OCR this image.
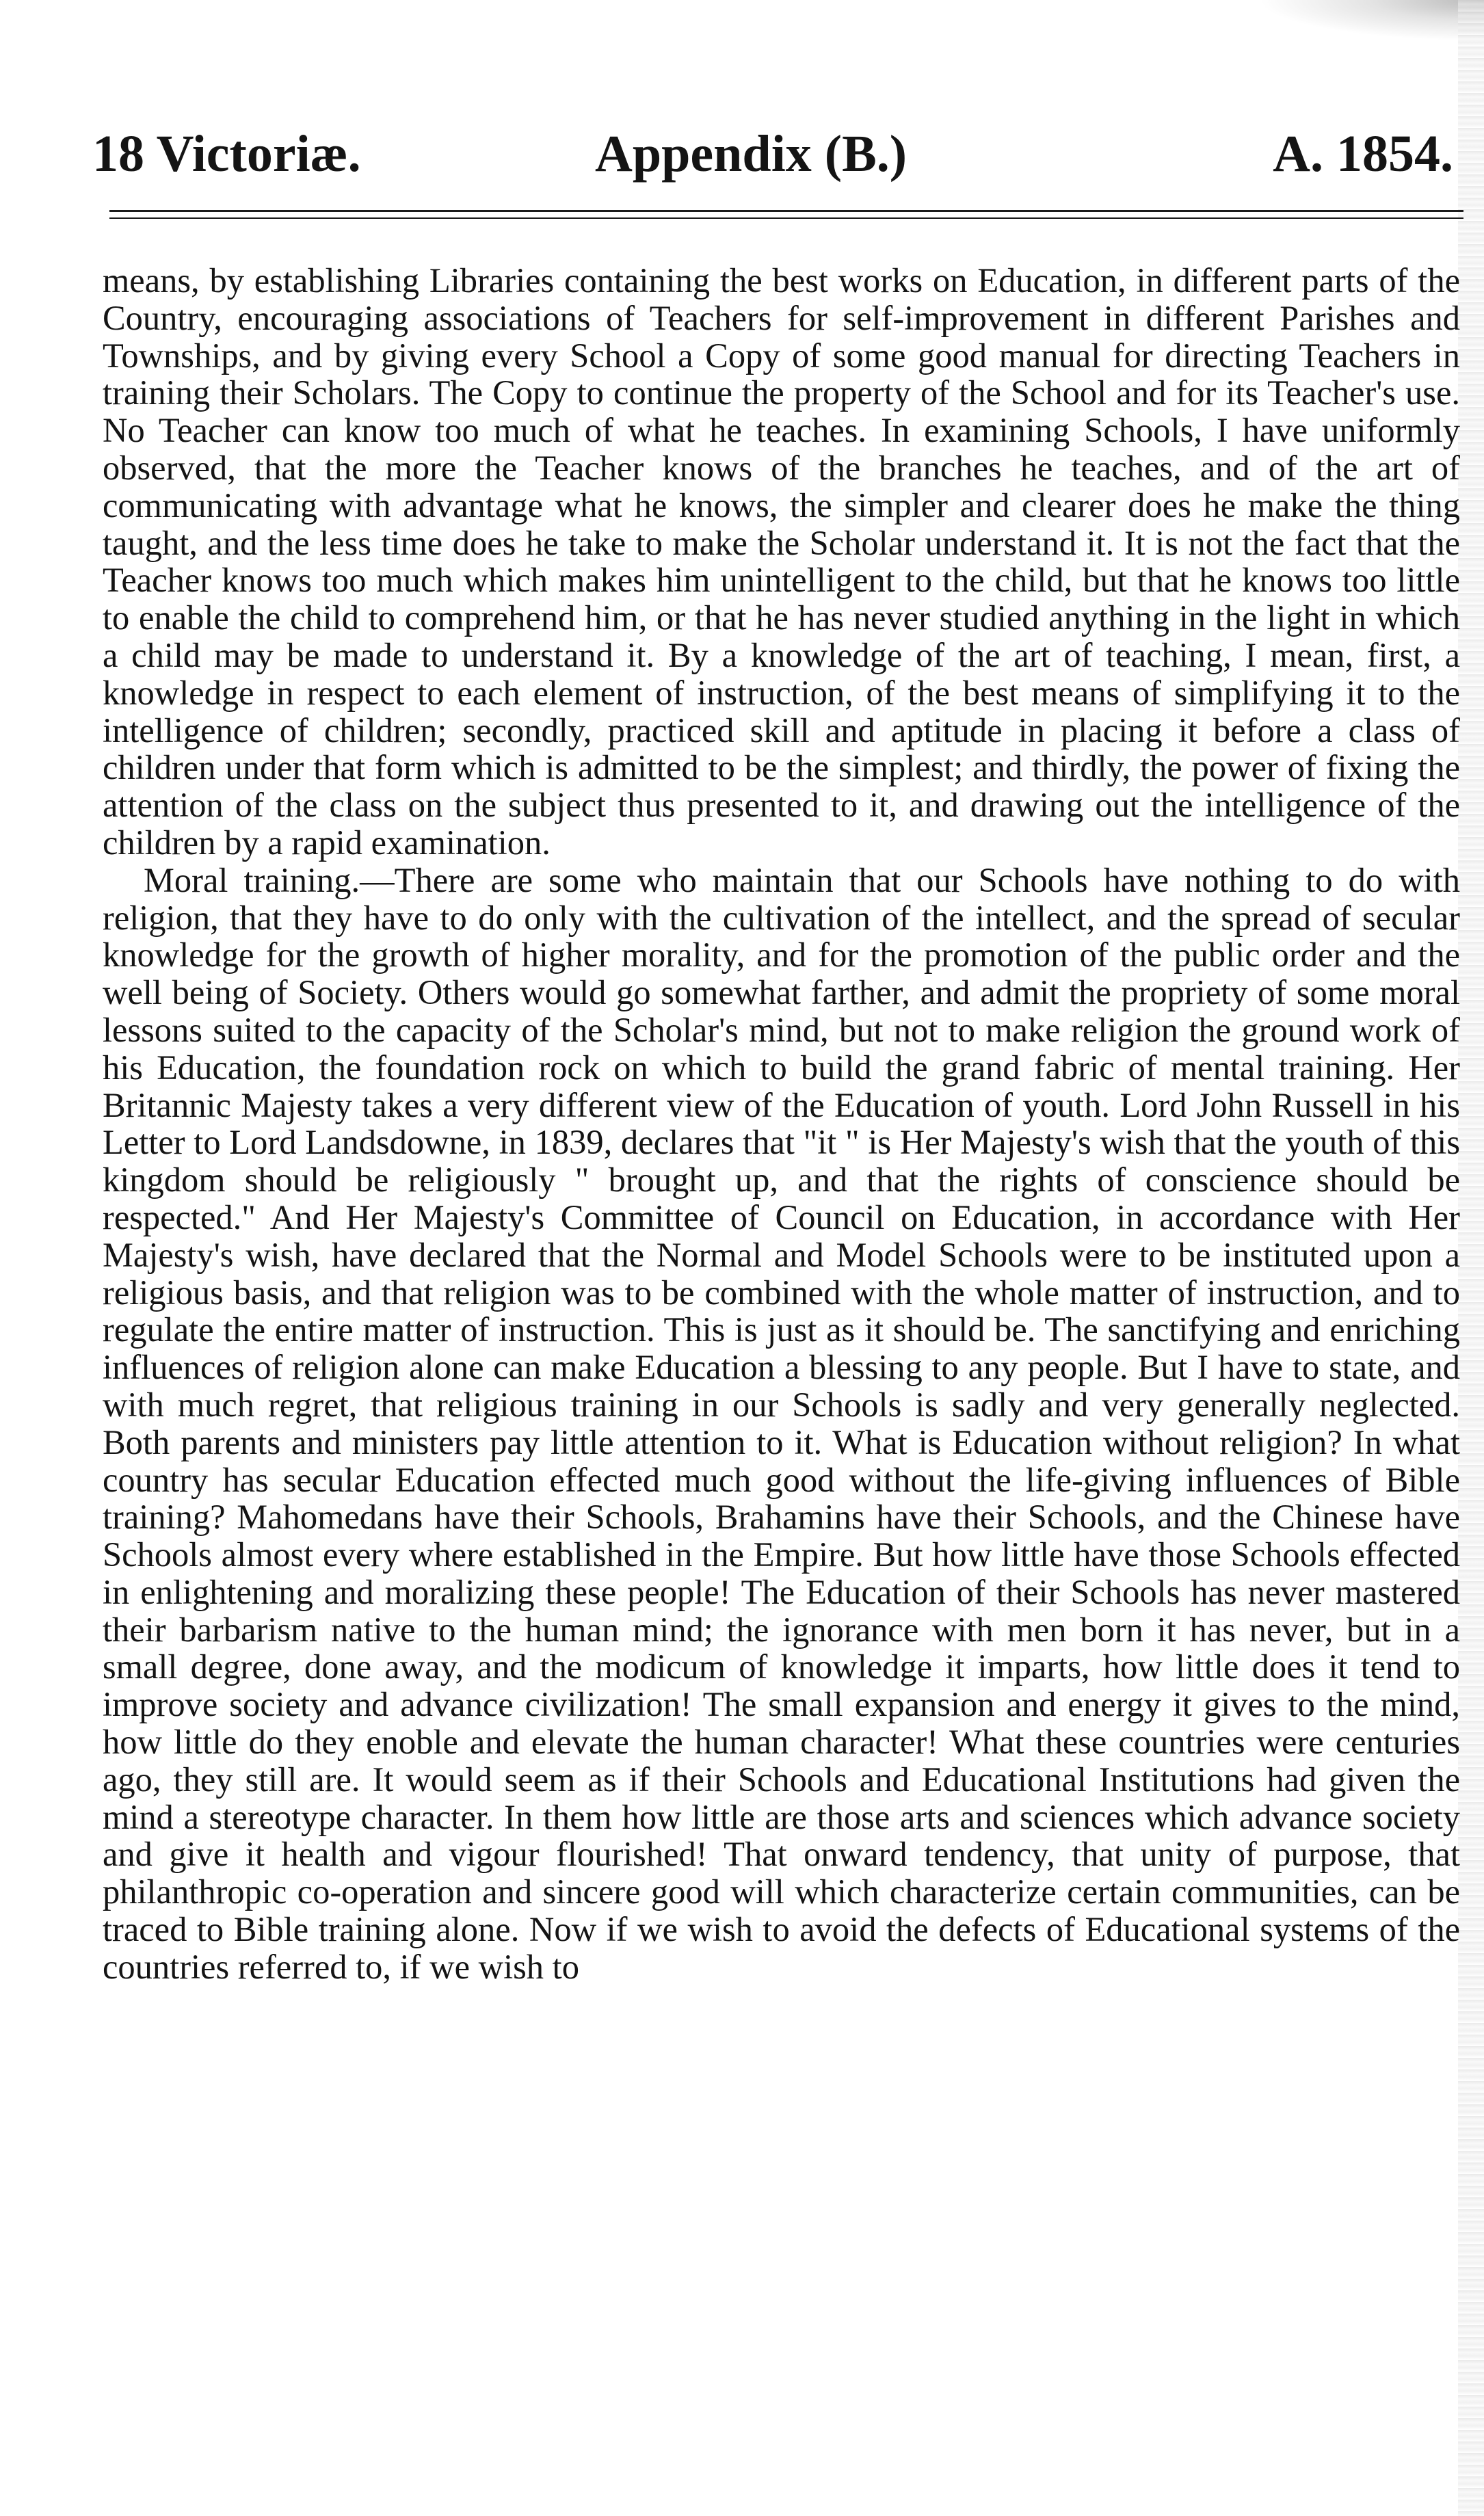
18 Victoriæ.	Appendix (B.)	A. 1854.

means, by establishing Libraries containing the best works on Education, in different parts of the Country, encouraging associations of Teachers for self-improvement in different Parishes and Townships, and by giving every School a Copy of some good manual for directing Teachers in training their Scholars. The Copy to continue the property of the School and for its Teacher's use. No Teacher can know too much of what he teaches. In examining Schools, I have uniformly observed, that the more the Teacher knows of the branches he teaches, and of the art of communicating with advantage what he knows, the simpler and clearer does he make the thing taught, and the less time does he take to make the Scholar understand it. It is not the fact that the Teacher knows too much which makes him unintelligent to the child, but that he knows too little to enable the child to comprehend him, or that he has never studied anything in the light in which a child may be made to understand it. By a knowledge of the art of teaching, I mean, first, a knowledge in respect to each element of instruction, of the best means of simplifying it to the intelligence of children; secondly, practiced skill and aptitude in placing it before a class of children under that form which is admitted to be the simplest; and thirdly, the power of fixing the attention of the class on the subject thus presented to it, and drawing out the intelligence of the children by a rapid examination.

Moral training.—There are some who maintain that our Schools have nothing to do with religion, that they have to do only with the cultivation of the intellect, and the spread of secular knowledge for the growth of higher morality, and for the promotion of the public order and the well being of Society. Others would go somewhat farther, and admit the propriety of some moral lessons suited to the capacity of the Scholar's mind, but not to make religion the ground work of his Education, the foundation rock on which to build the grand fabric of mental training. Her Britannic Majesty takes a very different view of the Education of youth. Lord John Russell in his Letter to Lord Landsdowne, in 1839, declares that "it " is Her Majesty's wish that the youth of this kingdom should be religiously " brought up, and that the rights of conscience should be respected." And Her Majesty's Committee of Council on Education, in accordance with Her Majesty's wish, have declared that the Normal and Model Schools were to be instituted upon a religious basis, and that religion was to be combined with the whole matter of instruction, and to regulate the entire matter of instruction. This is just as it should be. The sanctifying and enriching influences of religion alone can make Education a blessing to any people. But I have to state, and with much regret, that religious training in our Schools is sadly and very generally neglected. Both parents and ministers pay little attention to it. What is Education without religion? In what country has secular Education effected much good without the life-giving influences of Bible training? Mahomedans have their Schools, Brahamins have their Schools, and the Chinese have Schools almost every where established in the Empire. But how little have those Schools effected in enlightening and moralizing these people! The Education of their Schools has never mastered their barbarism native to the human mind; the ignorance with men born it has never, but in a small degree, done away, and the modicum of knowledge it imparts, how little does it tend to improve society and advance civilization! The small expansion and energy it gives to the mind, how little do they enoble and elevate the human character! What these countries were centuries ago, they still are. It would seem as if their Schools and Educational Institutions had given the mind a stereotype character. In them how little are those arts and sciences which advance society and give it health and vigour flourished! That onward tendency, that unity of purpose, that philanthropic co-operation and sincere good will which characterize certain communities, can be traced to Bible training alone. Now if we wish to avoid the defects of Educational systems of the countries referred to, if we wish to
